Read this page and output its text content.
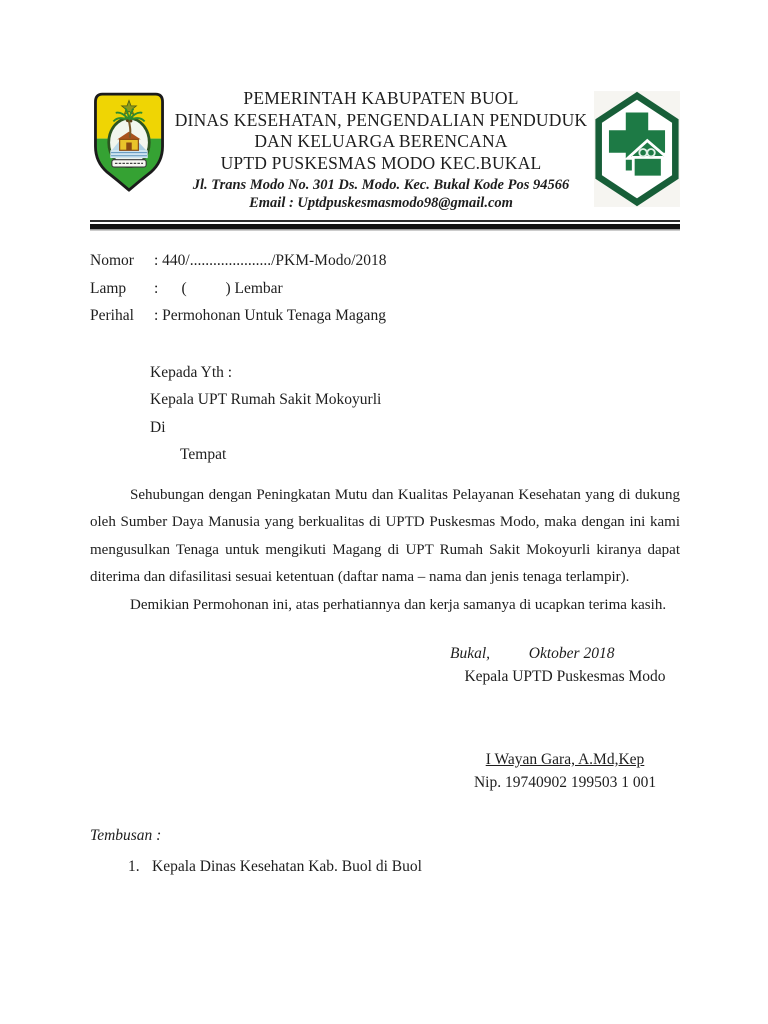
PEMERINTAH KABUPATEN BUOL
DINAS KESEHATAN, PENGENDALIAN PENDUDUK
DAN KELUARGA BERENCANA
UPTD PUSKESMAS MODO KEC.BUKAL
Jl. Trans Modo No. 301 Ds. Modo. Kec. Bukal Kode Pos 94566
Email : Uptdpuskesmasmodo98@gmail.com
Nomor	: 440/...................../PKM-Modo/2018
Lamp	:      (          ) Lembar
Perihal	: Permohonan Untuk Tenaga Magang
Kepada Yth :
Kepala UPT Rumah Sakit Mokoyurli
Di
Tempat

Sehubungan dengan Peningkatan Mutu dan Kualitas Pelayanan Kesehatan yang di dukung oleh Sumber Daya Manusia yang berkualitas di UPTD Puskesmas Modo, maka dengan ini kami mengusulkan Tenaga untuk mengikuti Magang di UPT Rumah Sakit Mokoyurli kiranya dapat diterima dan difasilitasi sesuai ketentuan (daftar nama – nama dan jenis tenaga terlampir).

Demikian Permohonan ini, atas perhatiannya dan kerja samanya di ucapkan terima kasih.

Bukal,          Oktober 2018
Kepala UPTD Puskesmas Modo
I Wayan Gara, A.Md,Kep
Nip. 19740902 199503 1 001
Tembusan :
1. Kepala Dinas Kesehatan Kab. Buol di Buol
